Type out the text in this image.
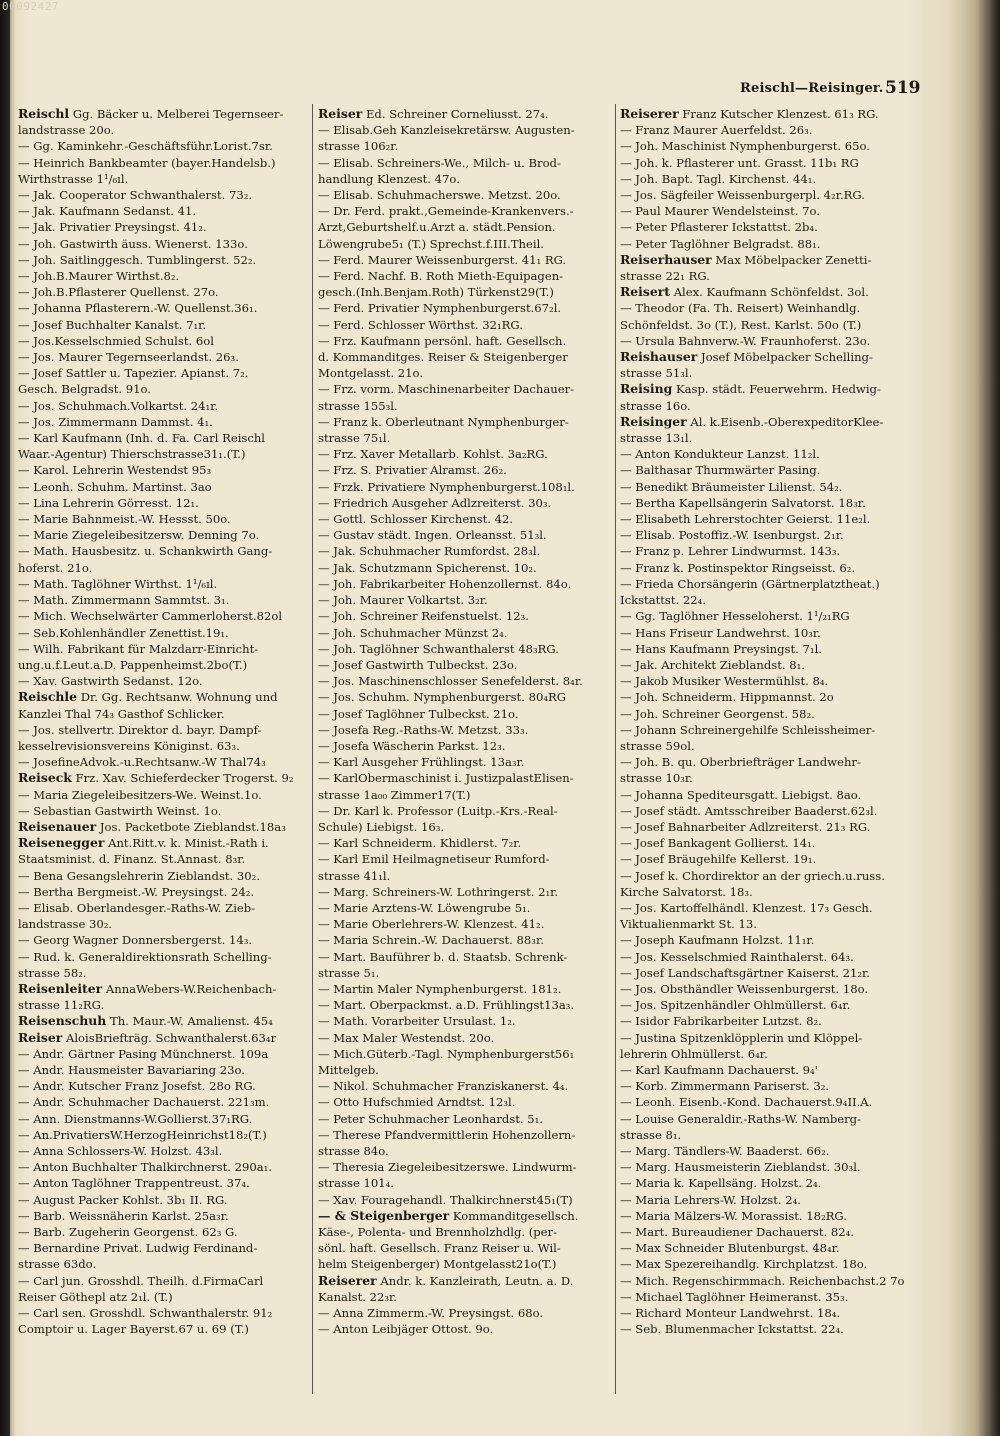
00092427
Reischl—Reisinger. 519
Reischl Gg. Bäcker u. Melberei Tegernseer-
landstrasse 20o.
— Gg. Kaminkehr.-Geschäftsführ.Lorist.7sr.
— Heinrich Bankbeamter (bayer.Handelsb.)
Wirthstrasse 1¹/₆ıl.
— Jak. Cooperator Schwanthalerst. 73₂.
— Jak. Kaufmann Sedanst. 41.
— Jak. Privatier Preysingst. 41₂.
— Joh. Gastwirth äuss. Wienerst. 133o.
— Joh. Saitlinggesch. Tumblingerst. 52₂.
— Joh.B.Maurer Wirthst.8₂.
— Joh.B.Pflasterer Quellenst. 27o.
— Johanna Pflasterern.-W. Quellenst.36₁.
— Josef Buchhalter Kanalst. 7₁r.
— Jos.Kesselschmied Schulst. 6ol
— Jos. Maurer Tegernseerlandst. 26₃.
— Josef Sattler u. Tapezier. Apianst. 7₂.
Gesch. Belgradst. 91o.
— Jos. Schuhmach.Volkartst. 24₁r.
— Jos. Zimmermann Dammst. 4₁.
— Karl Kaufmann (Inh. d. Fa. Carl Reischl
Waar.-Agentur) Thierschstrasse31₁.(T.)
— Karol. Lehrerin Westendst 95₃
— Leonh. Schuhm. Martinst. 3ao
— Lina Lehrerin Görresst. 12₁.
— Marie Bahnmeist.-W. Hessst. 50o.
— Marie Ziegeleibesitzersw. Denning 7o.
— Math. Hausbesitz. u. Schankwirth Gang-
hoferst. 21o.
— Math. Taglöhner Wirthst. 1¹/₆ıl.
— Math. Zimmermann Sammtst. 3₁.
— Mich. Wechselwärter Cammerloherst.82ol
— Seb.Kohlenhändler Zenettist.19₁.
— Wilh. Fabrikant für Malzdarr-Einricht-
ung.u.f.Leut.a.D. Pappenheimst.2bo(T.)
— Xav. Gastwirth Sedanst. 12o.
Reischle Dr. Gg. Rechtsanw. Wohnung und
Kanzlei Thal 74₃ Gasthof Schlicker.
— Jos. stellvertr. Direktor d. bayr. Dampf-
kesselrevisionsvereins Königinst. 63₃.
— JosefineAdvok.-u.Rechtsanw.-W Thal74₃
Reiseck Frz. Xav. Schieferdecker Trogerst. 9₂
— Maria Ziegeleibesitzers-We. Weinst.1o.
— Sebastian Gastwirth Weinst. 1o.
Reisenauer Jos. Packetbote Zieblandst.18a₃
Reisenegger Ant.Ritt.v. k. Minist.-Rath i.
Staatsminist. d. Finanz. St.Annast. 8₃r.
— Bena Gesangslehrerin Zieblandst. 30₂.
— Bertha Bergmeist.-W. Preysingst. 24₂.
— Elisab. Oberlandesger.-Raths-W. Zieb-
landstrasse 30₂.
— Georg Wagner Donnersbergerst. 14₃.
— Rud. k. Generaldirektionsrath Schelling-
strasse 58₂.
Reisenleiter AnnaWebers-W.Reichenbach-
strasse 11₂RG.
Reisenschuh Th. Maur.-W. Amalienst. 45₄
Reiser AloisBriefträg. Schwanthalerst.63₄r
— Andr. Gärtner Pasing Münchnerst. 109a
— Andr. Hausmeister Bavariaring 23o.
— Andr. Kutscher Franz Josefst. 28o RG.
— Andr. Schuhmacher Dachauerst. 221₃m.
— Ann. Dienstmanns-W.Gollierst.37₁RG.
— An.PrivatiersW.HerzogHeinrichst18₂(T.)
— Anna Schlossers-W. Holzst. 43₃l.
— Anton Buchhalter Thalkirchnerst. 290a₁.
— Anton Taglöhner Trappentreust. 37₄.
— August Packer Kohlst. 3b₁ II. RG.
— Barb. Weissnäherin Karlst. 25a₃r.
— Barb. Zugeherin Georgenst. 62₃ G.
— Bernardine Privat. Ludwig Ferdinand-
strasse 63do.
— Carl jun. Grosshdl. Theilh. d.FirmaCarl
Reiser Göthepl atz 2₁l. (T.)
— Carl sen. Grosshdl. Schwanthalerstr. 91₂
Comptoir u. Lager Bayerst.67 u. 69 (T.)
Reiser Ed. Schreiner Corneliusst. 27₄.
— Elisab.Geh Kanzleisekretärsw. Augusten-
strasse 106₂r.
— Elisab. Schreiners-We., Milch- u. Brod-
handlung Klenzest. 47o.
— Elisab. Schuhmacherswe. Metzst. 20o.
— Dr. Ferd. prakt.,Gemeinde-Krankenvers.-
Arzt,Geburtshelf.u.Arzt a. städt.Pension.
Löwengrube5₁ (T.) Sprechst.f.III.Theil.
— Ferd. Maurer Weissenburgerst. 41₁ RG.
— Ferd. Nachf. B. Roth Mieth-Equipagen-
gesch.(Inh.Benjam.Roth) Türkenst29(T.)
— Ferd. Privatier Nymphenburgerst.67₂l.
— Ferd. Schlosser Wörthst. 32₁RG.
— Frz. Kaufmann persönl. haft. Gesellsch.
d. Kommanditges. Reiser & Steigenberger
Montgelasst. 21o.
— Frz. vorm. Maschinenarbeiter Dachauer-
strasse 155₃l.
— Franz k. Oberleutnant Nymphenburger-
strasse 75₁l.
— Frz. Xaver Metallarb. Kohlst. 3a₂RG.
— Frz. S. Privatier Alramst. 26₂.
— Frzk. Privatiere Nymphenburgerst.108₁l.
— Friedrich Ausgeher Adlzreiterst. 30₃.
— Gottl. Schlosser Kirchenst. 42.
— Gustav städt. Ingen. Orleansst. 51₃l.
— Jak. Schuhmacher Rumfordst. 28₃l.
— Jak. Schutzmann Spicherenst. 10₂.
— Joh. Fabrikarbeiter Hohenzollernst. 84o.
— Joh. Maurer Volkartst. 3₂r.
— Joh. Schreiner Reifenstuelst. 12₃.
— Joh. Schuhmacher Münzst 2₄.
— Joh. Taglöhner Schwanthalerst 48₃RG.
— Josef Gastwirth Tulbeckst. 23o.
— Jos. Maschinenschlosser Senefelderst. 8₄r.
— Jos. Schuhm. Nymphenburgerst. 80₄RG
— Josef Taglöhner Tulbeckst. 21o.
— Josefa Reg.-Raths-W. Metzst. 33₃.
— Josefa Wäscherin Parkst. 12₃.
— Karl Ausgeher Frühlingst. 13a₃r.
— KarlObermaschinist i. JustizpalastElisen-
strasse 1a₀₀ Zimmer17(T.)
— Dr. Karl k. Professor (Luitp.-Krs.-Real-
Schule) Liebigst. 16₃.
— Karl Schneiderm. Khidlerst. 7₂r.
— Karl Emil Heilmagnetiseur Rumford-
strasse 41₁l.
— Marg. Schreiners-W. Lothringerst. 2₁r.
— Marie Arztens-W. Löwengrube 5₁.
— Marie Oberlehrers-W. Klenzest. 41₂.
— Maria Schrein.-W. Dachauerst. 88₃r.
— Mart. Bauführer b. d. Staatsb. Schrenk-
strasse 5₁.
— Martin Maler Nymphenburgerst. 181₂.
— Mart. Oberpackmst. a.D. Frühlingst13a₃.
— Math. Vorarbeiter Ursulast. 1₂.
— Max Maler Westendst. 20o.
— Mich.Güterb.-Tagl. Nymphenburgerst56₁
Mittelgeb.
— Nikol. Schuhmacher Franziskanerst. 4₄.
— Otto Hufschmied Arndtst. 12₃l.
— Peter Schuhmacher Leonhardst. 5₁.
— Therese Pfandvermittlerin Hohenzollern-
strasse 84o.
— Theresia Ziegeleibesitzerswe. Lindwurm-
strasse 101₄.
— Xav. Fouragehandl. Thalkirchnerst45₁(T)
— & Steigenberger Kommanditgesellsch.
Käse-, Polenta- und Brennholzhdlg. (per-
sönl. haft. Gesellsch. Franz Reiser u. Wil-
helm Steigenberger) Montgelasst21o(T.)
Reiserer Andr. k. Kanzleirath, Leutn. a. D.
Kanalst. 22₃r.
— Anna Zimmerm.-W. Preysingst. 68o.
— Anton Leibjäger Ottost. 9o.
Reiserer Franz Kutscher Klenzest. 61₃ RG.
— Franz Maurer Auerfeldst. 26₃.
— Joh. Maschinist Nymphenburgerst. 65o.
— Joh. k. Pflasterer unt. Grasst. 11b₁ RG
— Joh. Bapt. Tagl. Kirchenst. 44₁.
— Jos. Sägfeiler Weissenburgerpl. 4₂r.RG.
— Paul Maurer Wendelsteinst. 7o.
— Peter Pflasterer Ickstattst. 2b₄.
— Peter Taglöhner Belgradst. 88₁.
Reiserhauser Max Möbelpacker Zenetti-
strasse 22₁ RG.
Reisert Alex. Kaufmann Schönfeldst. 3ol.
— Theodor (Fa. Th. Reisert) Weinhandlg.
Schönfeldst. 3o (T.), Rest. Karlst. 50o (T.)
— Ursula Bahnverw.-W. Fraunhoferst. 23o.
Reishauser Josef Möbelpacker Schelling-
strasse 51₃l.
Reising Kasp. städt. Feuerwehrm. Hedwig-
strasse 16o.
Reisinger Al. k.Eisenb.-OberexpeditorKlee-
strasse 13₁l.
— Anton Kondukteur Lanzst. 11₂l.
— Balthasar Thurmwärter Pasing.
— Benedikt Bräumeister Lilienst. 54₂.
— Bertha Kapellsängerin Salvatorst. 18₃r.
— Elisabeth Lehrerstochter Geierst. 11e₂l.
— Elisab. Postoffiz.-W. Isenburgst. 2₁r.
— Franz p. Lehrer Lindwurmst. 143₃.
— Franz k. Postinspektor Ringseisst. 6₂.
— Frieda Chorsängerin (Gärtnerplatztheat.)
Ickstattst. 22₄.
— Gg. Taglöhner Hesseloherst. 1¹/₂₁RG
— Hans Friseur Landwehrst. 10₃r.
— Hans Kaufmann Preysingst. 7₁l.
— Jak. Architekt Zieblandst. 8₁.
— Jakob Musiker Westermühlst. 8₄.
— Joh. Schneiderm. Hippmannst. 2o
— Joh. Schreiner Georgenst. 58₂.
— Johann Schreinergehilfe Schleissheimer-
strasse 59ol.
— Joh. B. qu. Oberbriefträger Landwehr-
strasse 10₃r.
— Johanna Spediteursgatt. Liebigst. 8ao.
— Josef städt. Amtsschreiber Baaderst.62₃l.
— Josef Bahnarbeiter Adlzreiterst. 21₃ RG.
— Josef Bankagent Gollierst. 14₁.
— Josef Bräugehilfe Kellerst. 19₁.
— Josef k. Chordirektor an der griech.u.russ.
Kirche Salvatorst. 18₃.
— Jos. Kartoffelhändl. Klenzest. 17₃ Gesch.
Viktualienmarkt St. 13.
— Joseph Kaufmann Holzst. 11₁r.
— Jos. Kesselschmied Rainthalerst. 64₃.
— Josef Landschaftsgärtner Kaiserst. 21₂r.
— Jos. Obsthändler Weissenburgerst. 18o.
— Jos. Spitzenhändler Ohlmüllerst. 6₄r.
— Isidor Fabrikarbeiter Lutzst. 8₂.
— Justina Spitzenklöpplerin und Klöppel-
lehrerin Ohlmüllerst. 6₄r.
— Karl Kaufmann Dachauerst. 9₄'
— Korb. Zimmermann Pariserst. 3₂.
— Leonh. Eisenb.-Kond. Dachauerst.9₄II.A.
— Louise Generaldir.-Raths-W. Namberg-
strasse 8₁.
— Marg. Tändlers-W. Baaderst. 66₂.
— Marg. Hausmeisterin Zieblandst. 30₃l.
— Maria k. Kapellsäng. Holzst. 2₄.
— Maria Lehrers-W. Holzst. 2₄.
— Maria Mälzers-W. Morassist. 18₂RG.
— Mart. Bureaudiener Dachauerst. 82₄.
— Max Schneider Blutenburgst. 48₄r.
— Max Spezereihandlg. Kirchplatzst. 18o.
— Mich. Regenschirmmach. Reichenbachst.2 7o
— Michael Taglöhner Heimeranst. 35₃.
— Richard Monteur Landwehrst. 18₄.
— Seb. Blumenmacher Ickstattst. 22₄.
